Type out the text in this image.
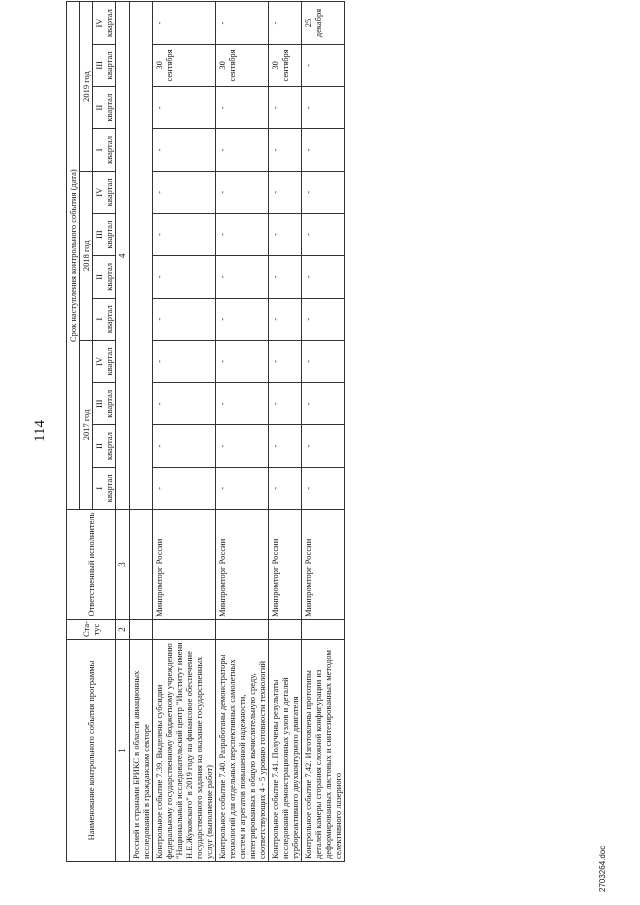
114
Наименование контрольного события программы	Ста-тус	Ответственный исполнитель	Срок наступления контрольного события (дата)											
			2017 год				2018 год				2019 год			

			I квартал	II квартал	III квартал	IV квартал	I квартал	II квартал	III квартал	IV квартал	I квартал	II квартал	III квартал	IV квартал

1	2	3	4											
Россией и странами БРИКС в области авиационных исследований в гражданском секторе														
Контрольное событие 7.39. Выделены субсидии федеральному государственному бюджетному учреждению "Национальный исследовательский центр "Институт имени Н.Е.Жуковского" в 2019 году на финансовое обеспечение государственного задания на оказание государственных услуг (выполнение работ)		Минпромторг России	-	-	-	-	-	-	-	-	-	-	30 сентября	-
Контрольное событие 7.40. Разработаны демонстраторы технологий для отдельных перспективных самолетных систем и агрегатов повышенной надежности, интегрированных в общую вычислительную среду, соответствующих 4 - 5 уровню готовности технологий		Минпромторг России	-	-	-	-	-	-	-	-	-	-	30 сентября	-
Контрольное событие 7.41. Получены результаты исследований демонстрационных узлов и деталей турбореактивного двухконтурного двигателя		Минпромторг России	-	-	-	-	-	-	-	-	-	-	30 сентября	-
Контрольное событие 7.42. Изготовлены прототипы деталей камеры сгорания сложной конфигурации из деформированных листовых и синтезированных методом селективного лазерного		Минпромторг России	-	-	-	-	-	-	-	-	-	-	-	25 декабря
2703264.doc
